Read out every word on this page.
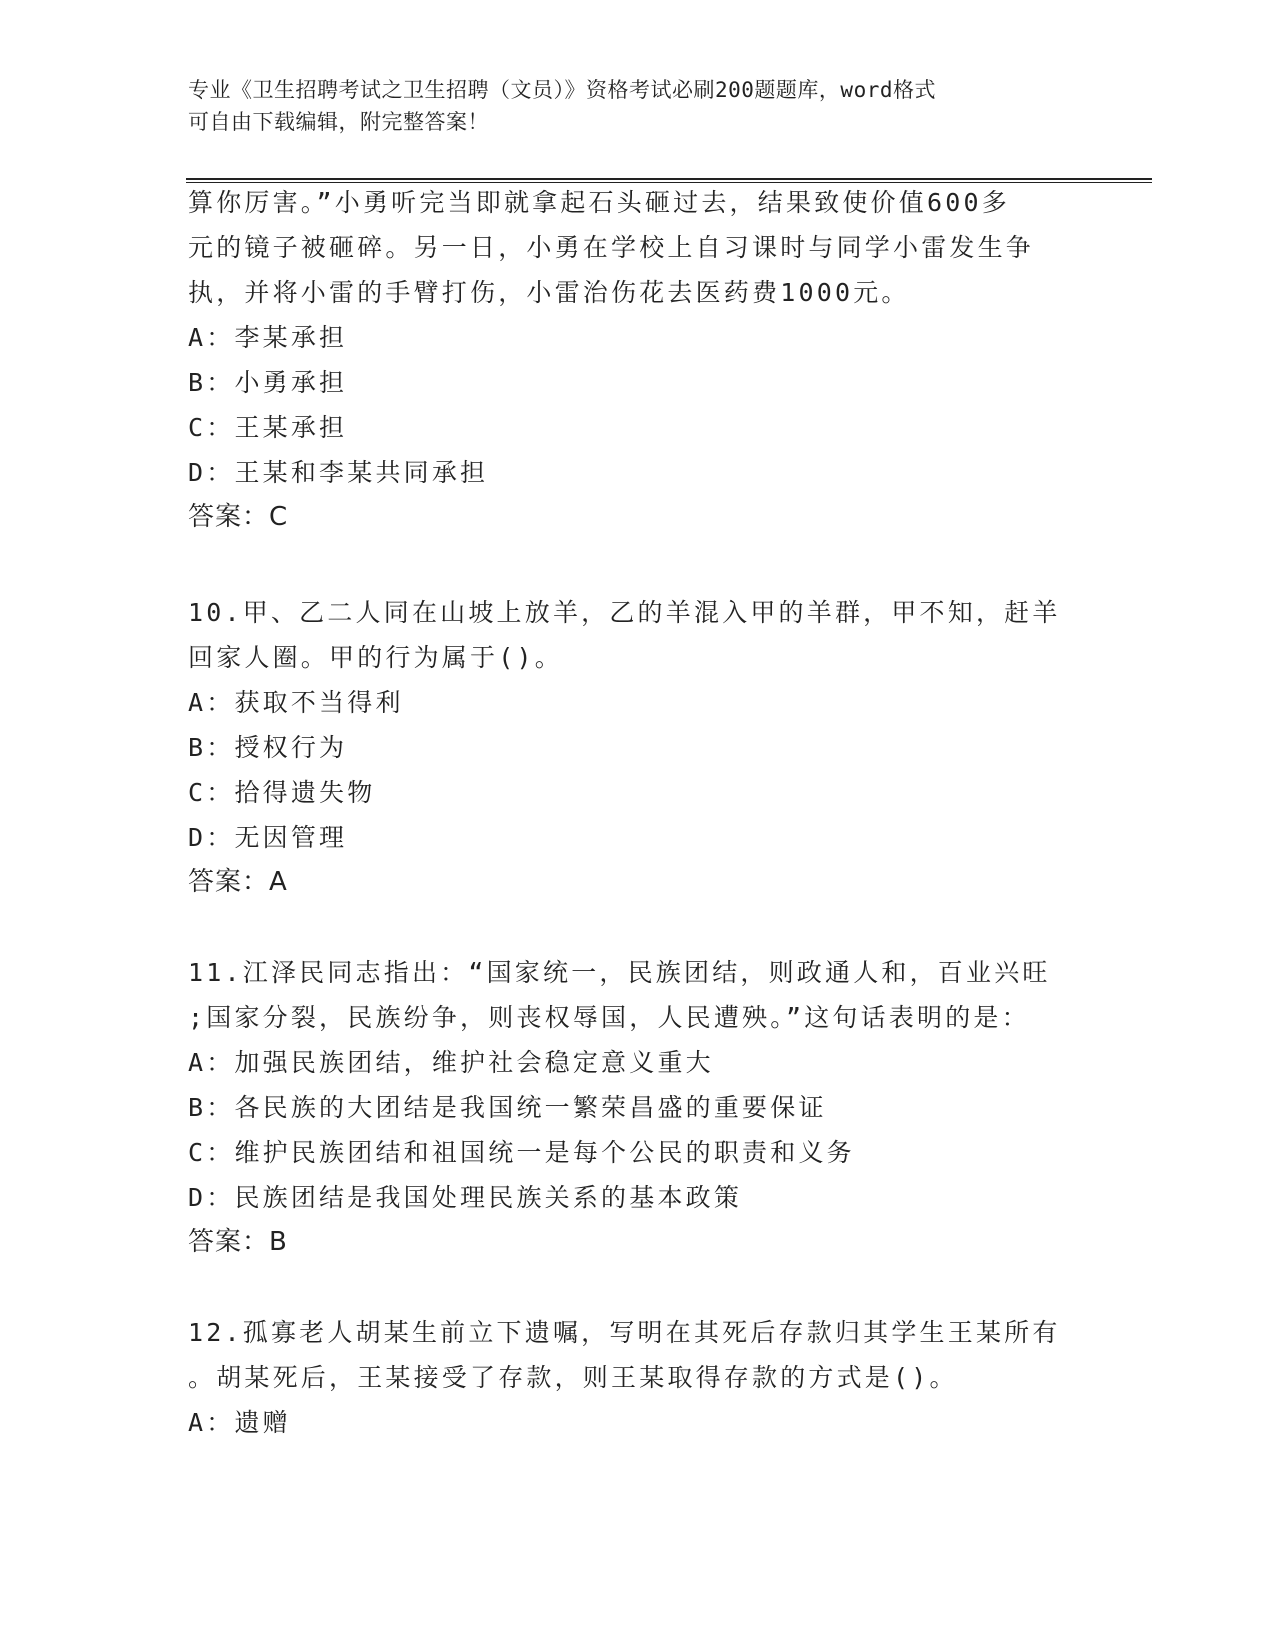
专业《卫生招聘考试之卫生招聘（文员）》资格考试必刷200题题库，word格式
可自由下载编辑，附完整答案！
算你厉害。”小勇听完当即就拿起石头砸过去，结果致使价值600多
元的镜子被砸碎。另一日，小勇在学校上自习课时与同学小雷发生争
执，并将小雷的手臂打伤，小雷治伤花去医药费1000元。
A：李某承担
B：小勇承担
C：王某承担
D：王某和李某共同承担
答案：C
10.甲、乙二人同在山坡上放羊，乙的羊混入甲的羊群，甲不知，赶羊
回家人圈。甲的行为属于()。
A：获取不当得利
B：授权行为
C：拾得遗失物
D：无因管理
答案：A
11.江泽民同志指出：“国家统一，民族团结，则政通人和，百业兴旺
;国家分裂，民族纷争，则丧权辱国，人民遭殃。”这句话表明的是：
A：加强民族团结，维护社会稳定意义重大
B：各民族的大团结是我国统一繁荣昌盛的重要保证
C：维护民族团结和祖国统一是每个公民的职责和义务
D：民族团结是我国处理民族关系的基本政策
答案：B
12.孤寡老人胡某生前立下遗嘱，写明在其死后存款归其学生王某所有
。胡某死后，王某接受了存款，则王某取得存款的方式是()。
A：遗赠
